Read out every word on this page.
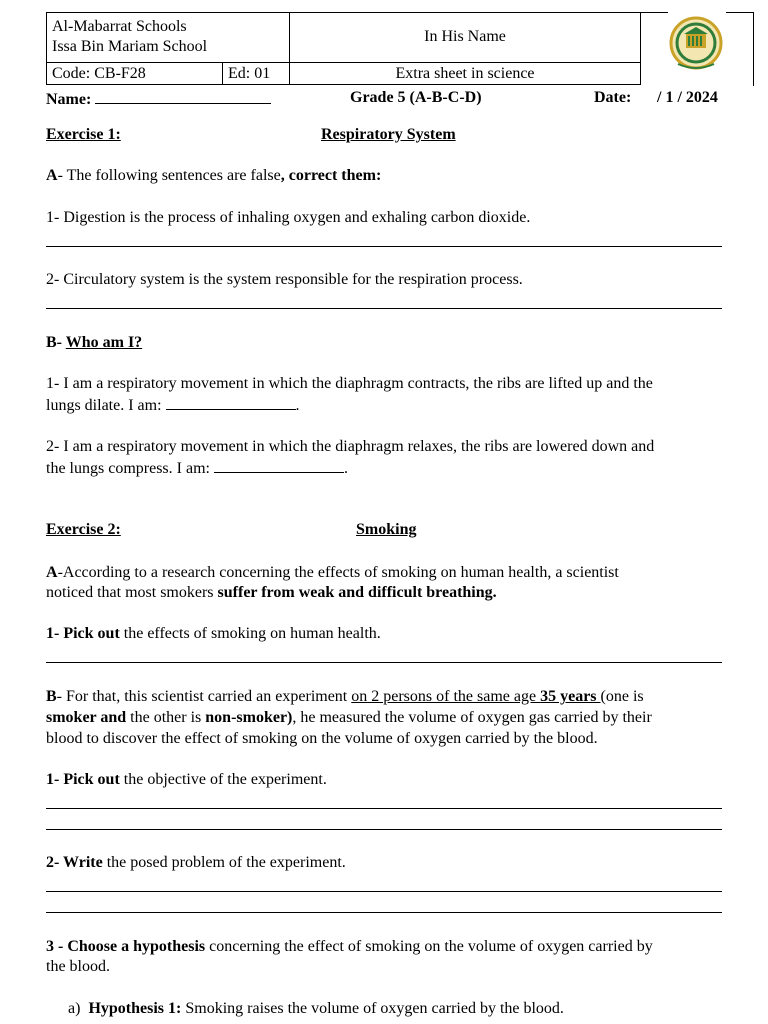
Al-Mabarrat Schools
Issa Bin Mariam School
In His Name
Code: CB-F28	Ed: 01	Extra sheet in science
Name:	Grade 5 (A-B-C-D)	Date: / 1 / 2024
Exercise 1:	Respiratory System
A- The following sentences are false, correct them:
1- Digestion is the process of inhaling oxygen and exhaling carbon dioxide.
2- Circulatory system is the system responsible for the respiration process.
B- Who am I?
1- I am a respiratory movement in which the diaphragm contracts, the ribs are lifted up and the
lungs dilate. I am:	.
2- I am a respiratory movement in which the diaphragm relaxes, the ribs are lowered down and
the lungs compress. I am:	.
Exercise 2:	Smoking
A-According to a research concerning the effects of smoking on human health, a scientist
noticed that most smokers suffer from weak and difficult breathing.
1- Pick out the effects of smoking on human health.
B- For that, this scientist carried an experiment on 2 persons of the same age 35 years (one is
smoker and the other is non-smoker), he measured the volume of oxygen gas carried by their
blood to discover the effect of smoking on the volume of oxygen carried by the blood.
1- Pick out the objective of the experiment.
2- Write the posed problem of the experiment.
3 - Choose a hypothesis concerning the effect of smoking on the volume of oxygen carried by
the blood.
a)  Hypothesis 1: Smoking raises the volume of oxygen carried by the blood.
